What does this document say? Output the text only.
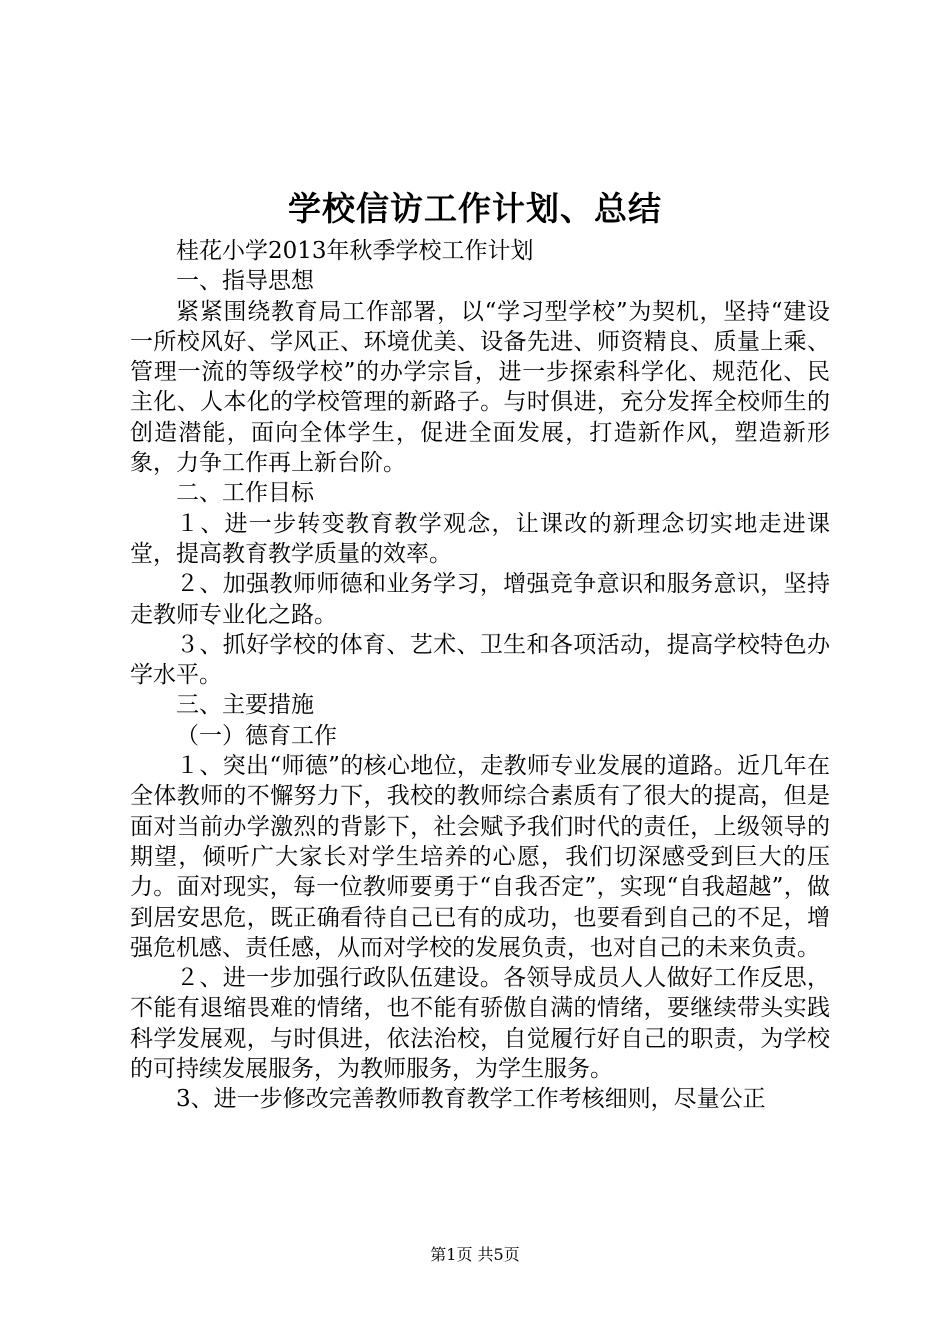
学校信访工作计划、总结

桂花小学2013年秋季学校工作计划

一、指导思想

紧紧围绕教育局工作部署，以“学习型学校”为契机，坚持“建设一所校风好、学风正、环境优美、设备先进、师资精良、质量上乘、管理一流的等级学校”的办学宗旨，进一步探索科学化、规范化、民主化、人本化的学校管理的新路子。与时俱进，充分发挥全校师生的创造潜能，面向全体学生，促进全面发展，打造新作风，塑造新形象，力争工作再上新台阶。

二、工作目标

１、进一步转变教育教学观念，让课改的新理念切实地走进课堂，提高教育教学质量的效率。

２、加强教师师德和业务学习，增强竞争意识和服务意识，坚持走教师专业化之路。

３、抓好学校的体育、艺术、卫生和各项活动，提高学校特色办学水平。

三、主要措施

（一）德育工作

１、突出“师德”的核心地位，走教师专业发展的道路。近几年在全体教师的不懈努力下，我校的教师综合素质有了很大的提高，但是面对当前办学激烈的背影下，社会赋予我们时代的责任，上级领导的期望，倾听广大家长对学生培养的心愿，我们切深感受到巨大的压力。面对现实，每一位教师要勇于“自我否定”，实现“自我超越”，做到居安思危，既正确看待自己已有的成功，也要看到自己的不足，增强危机感、责任感，从而对学校的发展负责，也对自己的未来负责。

２、进一步加强行政队伍建设。各领导成员人人做好工作反思，不能有退缩畏难的情绪，也不能有骄傲自满的情绪，要继续带头实践科学发展观，与时俱进，依法治校，自觉履行好自己的职责，为学校的可持续发展服务，为教师服务，为学生服务。

3、进一步修改完善教师教育教学工作考核细则，尽量公正

第1页 共5页
